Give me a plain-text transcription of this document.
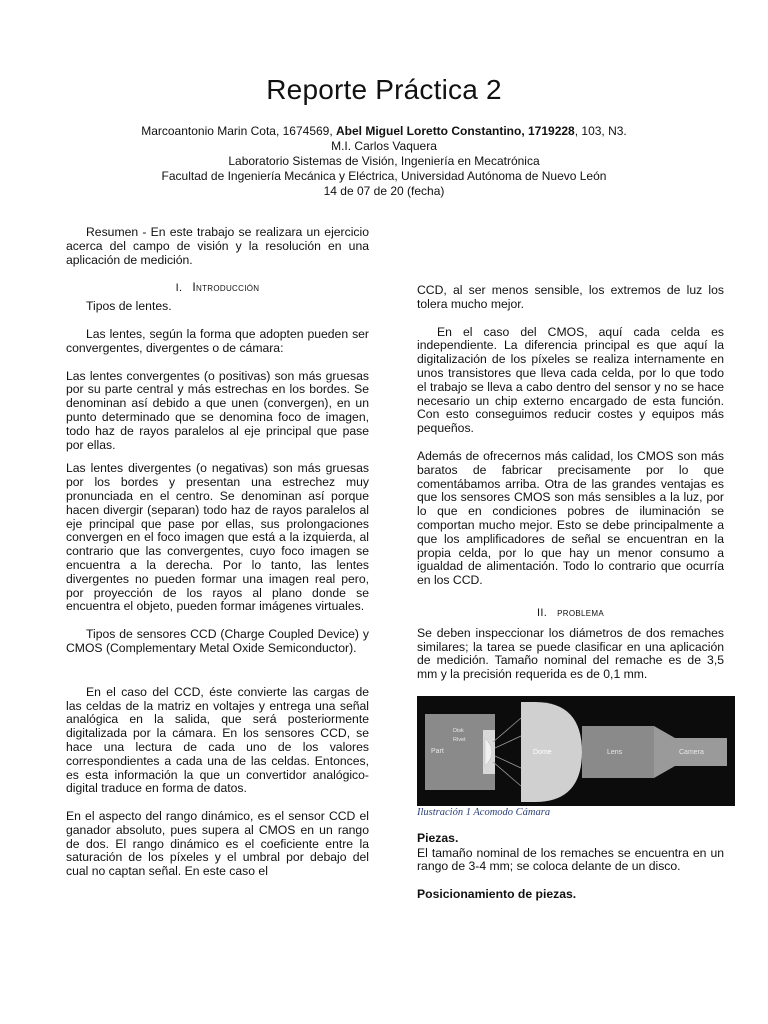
Reporte Práctica 2
Marcoantonio Marin Cota, 1674569, Abel Miguel Loretto Constantino, 1719228, 103, N3.
M.I. Carlos Vaquera
Laboratorio Sistemas de Visión, Ingeniería en Mecatrónica
Facultad de Ingeniería Mecánica y Eléctrica, Universidad Autónoma de Nuevo León
14 de 07 de 20 (fecha)

Resumen - En este trabajo se realizara un ejercicio acerca del campo de visión y la resolución en una aplicación de medición.

I. Introducción

Tipos de lentes.

Las lentes, según la forma que adopten pueden ser convergentes, divergentes o de cámara:

Las lentes convergentes (o positivas) son más gruesas por su parte central y más estrechas en los bordes. Se denominan así debido a que unen (convergen), en un punto determinado que se denomina foco de imagen, todo haz de rayos paralelos al eje principal que pase por ellas.

Las lentes divergentes (o negativas) son más gruesas por los bordes y presentan una estrechez muy pronunciada en el centro. Se denominan así porque hacen divergir (separan) todo haz de rayos paralelos al eje principal que pase por ellas, sus prolongaciones convergen en el foco imagen que está a la izquierda, al contrario que las convergentes, cuyo foco imagen se encuentra a la derecha. Por lo tanto, las lentes divergentes no pueden formar una imagen real pero, por proyección de los rayos al plano donde se encuentra el objeto, pueden formar imágenes virtuales.

Tipos de sensores CCD (Charge Coupled Device) y CMOS (Complementary Metal Oxide Semiconductor).

En el caso del CCD, éste convierte las cargas de las celdas de la matriz en voltajes y entrega una señal analógica en la salida, que será posteriormente digitalizada por la cámara. En los sensores CCD, se hace una lectura de cada uno de los valores correspondientes a cada una de las celdas. Entonces, es esta información la que un convertidor analógico-digital traduce en forma de datos.

En el aspecto del rango dinámico, es el sensor CCD el ganador absoluto, pues supera al CMOS en un rango de dos. El rango dinámico es el coeficiente entre la saturación de los píxeles y el umbral por debajo del cual no captan señal. En este caso el

CCD, al ser menos sensible, los extremos de luz los tolera mucho mejor.

En el caso del CMOS, aquí cada celda es independiente. La diferencia principal es que aquí la digitalización de los píxeles se realiza internamente en unos transistores que lleva cada celda, por lo que todo el trabajo se lleva a cabo dentro del sensor y no se hace necesario un chip externo encargado de esta función. Con esto conseguimos reducir costes y equipos más pequeños.

Además de ofrecernos más calidad, los CMOS son más baratos de fabricar precisamente por lo que comentábamos arriba. Otra de las grandes ventajas es que los sensores CMOS son más sensibles a la luz, por lo que en condiciones pobres de iluminación se comportan mucho mejor. Esto se debe principalmente a que los amplificadores de señal se encuentran en la propia celda, por lo que hay un menor consumo a igualdad de alimentación. Todo lo contrario que ocurría en los CCD.

II. problema

Se deben inspeccionar los diámetros de dos remaches similares; la tarea se puede clasificar en una aplicación de medición. Tamaño nominal del remache es de 3,5 mm y la precisión requerida es de 0,1 mm.

Part
Disk
Rivet
Dome	Lens	Camera

Ilustración 1 Acomodo Cámara

Piezas.

El tamaño nominal de los remaches se encuentra en un rango de 3-4 mm; se coloca delante de un disco.

Posicionamiento de piezas.
